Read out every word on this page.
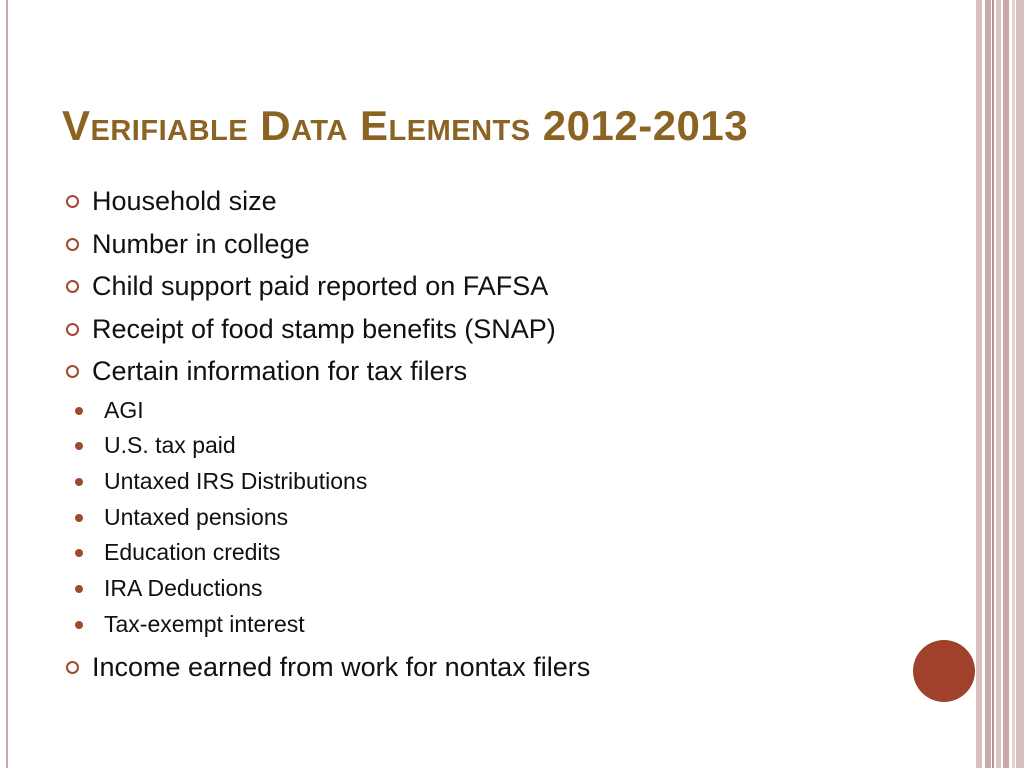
Verifiable Data Elements 2012-2013
Household size
Number in college
Child support paid reported on FAFSA
Receipt of food stamp benefits (SNAP)
Certain information for tax filers
AGI
U.S. tax paid
Untaxed IRS Distributions
Untaxed pensions
Education credits
IRA Deductions
Tax-exempt interest
Income earned from work for nontax filers
